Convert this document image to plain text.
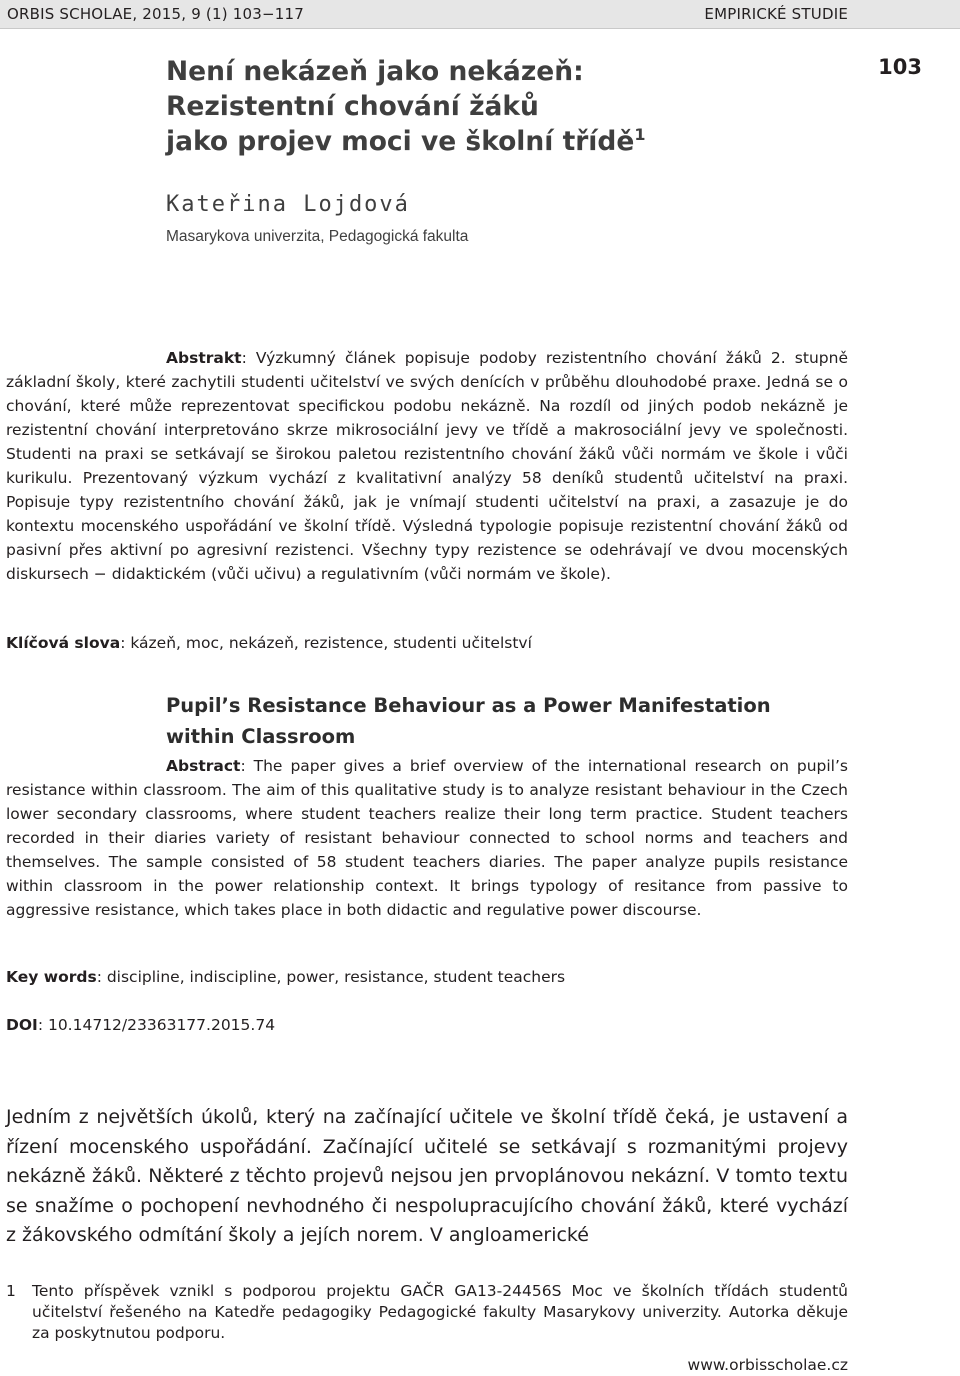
ORBIS SCHOLAE, 2015, 9 (1) 103−117	EMPIRICKÉ STUDIE
103
Není nekázeň jako nekázeň:
Rezistentní chování žáků
jako projev moci ve školní třídě$^1$
Kateřina Lojdová
Masarykova univerzita, Pedagogická fakulta

Abstrakt: Výzkumný článek popisuje podoby rezistentního chování žáků 2. stupně základní školy, které zachytili studenti učitelství ve svých denících v průběhu dlouhodobé praxe. Jedná se o chování, které může reprezentovat specifickou podobu nekázně. Na rozdíl od jiných podob nekázně je rezistentní chování interpretováno skrze mikrosociální jevy ve třídě a makrosociální jevy ve společnosti. Studenti na praxi se setkávají se širokou paletou rezistentního chování žáků vůči normám ve škole i vůči kurikulu. Prezentovaný výzkum vychází z kvalitativní analýzy 58 deníků studentů učitelství na praxi. Popisuje typy rezistentního chování žáků, jak je vnímají studenti učitelství na praxi, a zasazuje je do kontextu mocenského uspořádání ve školní třídě. Výsledná typologie popisuje rezistentní chování žáků od pasivní přes aktivní po agresivní rezistenci. Všechny typy rezistence se odehrávají ve dvou mocenských diskursech − didaktickém (vůči učivu) a regulativním (vůči normám ve škole).

Klíčová slova: kázeň, moc, nekázeň, rezistence, studenti učitelství
Pupil’s Resistance Behaviour as a Power Manifestation
within Classroom

Abstract: The paper gives a brief overview of the international research on pupil’s resistance within classroom. The aim of this qualitative study is to analyze resistant behaviour in the Czech lower secondary classrooms, where student teachers realize their long term practice. Student teachers recorded in their diaries variety of resistant behaviour connected to school norms and teachers and themselves. The sample consisted of 58 student teachers diaries. The paper analyze pupils resistance within classroom in the power relationship context. It brings typology of resitance from passive to aggressive resistance, which takes place in both didactic and regulative power discourse.

Key words: discipline, indiscipline, power, resistance, student teachers
DOI: 10.14712/23363177.2015.74

Jedním z největších úkolů, který na začínající učitele ve školní třídě čeká, je ustavení a řízení mocenského uspořádání. Začínající učitelé se setkávají s rozmanitými projevy nekázně žáků. Některé z těchto projevů nejsou jen prvoplánovou nekázní. V tomto textu se snažíme o pochopení nevhodného či nespolupracujícího chování žáků, které vychází z žákovského odmítání školy a jejích norem. V angloamerické

1 Tento příspěvek vznikl s podporou projektu GAČR GA13-24456S Moc ve školních třídách studentů učitelství řešeného na Katedře pedagogiky Pedagogické fakulty Masarykovy univerzity. Autorka děkuje za poskytnutou podporu.
www.orbisscholae.cz
